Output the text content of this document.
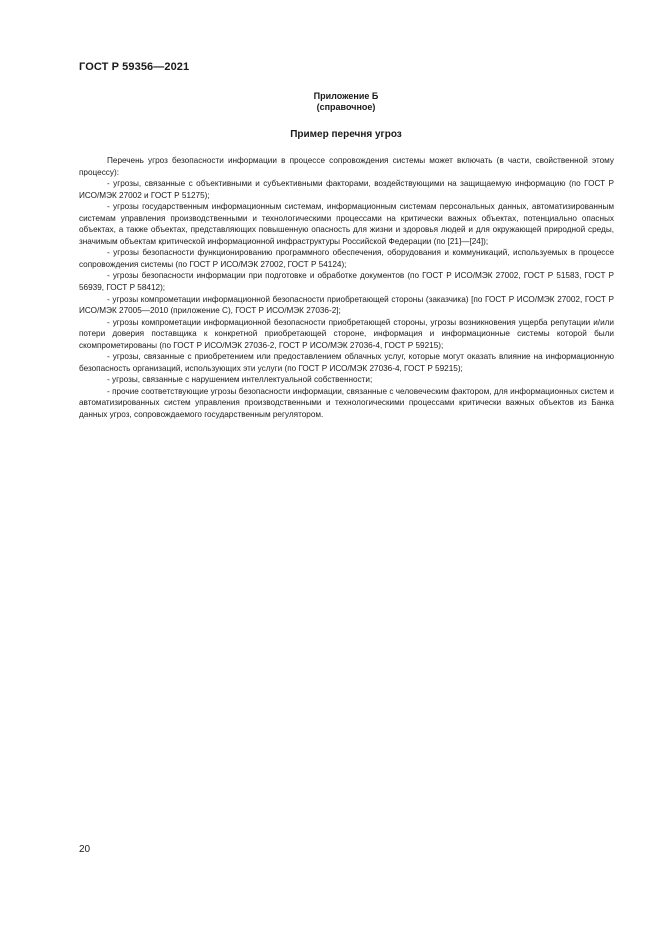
ГОСТ Р 59356—2021
Приложение Б
(справочное)
Пример перечня угроз

Перечень угроз безопасности информации в процессе сопровождения системы может включать (в части, свойственной этому процессу):

- угрозы, связанные с объективными и субъективными факторами, воздействующими на защищаемую информацию (по ГОСТ Р ИСО/МЭК 27002 и ГОСТ Р 51275);

- угрозы государственным информационным системам, информационным системам персональных данных, автоматизированным системам управления производственными и технологическими процессами на критически важных объектах, потенциально опасных объектах, а также объектах, представляющих повышенную опасность для жизни и здоровья людей и для окружающей природной среды, значимым объектам критической информационной инфраструктуры Российской Федерации (по [21]—[24]);

- угрозы безопасности функционированию программного обеспечения, оборудования и коммуникаций, используемых в процессе сопровождения системы (по ГОСТ Р ИСО/МЭК 27002, ГОСТ Р 54124);

- угрозы безопасности информации при подготовке и обработке документов (по ГОСТ Р ИСО/МЭК 27002, ГОСТ Р 51583, ГОСТ Р 56939, ГОСТ Р 58412);

- угрозы компрометации информационной безопасности приобретающей стороны (заказчика) [по ГОСТ Р ИСО/МЭК 27002, ГОСТ Р ИСО/МЭК 27005—2010 (приложение С), ГОСТ Р ИСО/МЭК 27036-2];

- угрозы компрометации информационной безопасности приобретающей стороны, угрозы возникновения ущерба репутации и/или потери доверия поставщика к конкретной приобретающей стороне, информация и информационные системы которой были скомпрометированы (по ГОСТ Р ИСО/МЭК 27036-2, ГОСТ Р ИСО/МЭК 27036-4, ГОСТ Р 59215);

- угрозы, связанные с приобретением или предоставлением облачных услуг, которые могут оказать влияние на информационную безопасность организаций, использующих эти услуги (по ГОСТ Р ИСО/МЭК 27036-4, ГОСТ Р 59215);

- угрозы, связанные с нарушением интеллектуальной собственности;

- прочие соответствующие угрозы безопасности информации, связанные с человеческим фактором, для информационных систем и автоматизированных систем управления производственными и технологическими процессами критически важных объектов из Банка данных угроз, сопровождаемого государственным регулятором.

20
